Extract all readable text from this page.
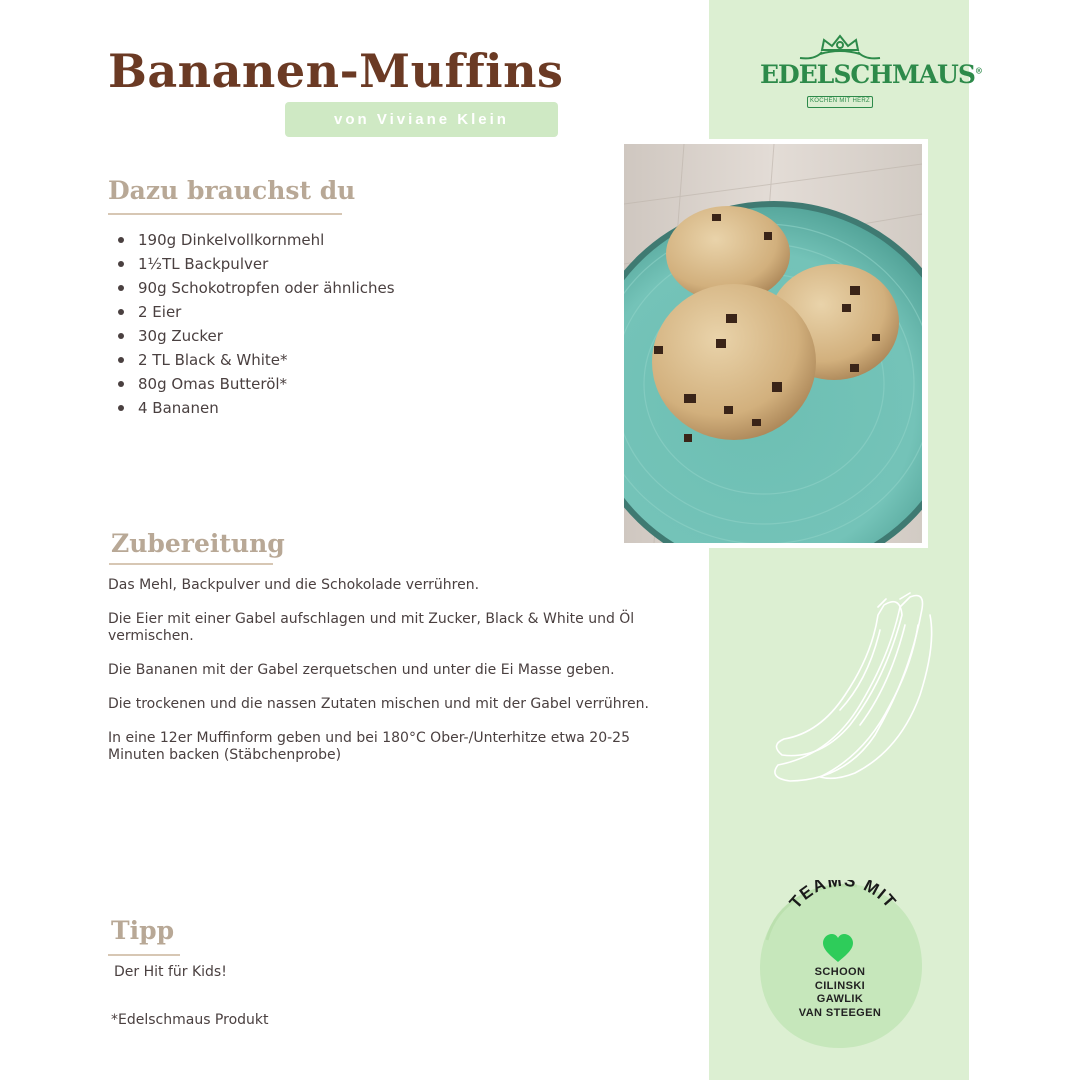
Bananen-Muffins
von Viviane Klein
EDELSCHMAUS®
KOCHEN MIT HERZ
Dazu brauchst du
190g Dinkelvollkornmehl
1½TL Backpulver
90g Schokotropfen oder ähnliches
2 Eier
30g Zucker
2 TL Black & White*
80g Omas Butteröl*
4 Bananen
Zubereitung

Das Mehl, Backpulver und die Schokolade verrühren.

Die Eier mit einer Gabel aufschlagen und mit Zucker, Black & White und Öl vermischen.

Die Bananen mit der Gabel zerquetschen und unter die Ei Masse geben.

Die trockenen und die nassen Zutaten mischen und mit der Gabel verrühren.

In eine 12er Muffinform geben und bei 180°C Ober-/Unterhitze etwa 20-25 Minuten backen (Stäbchenprobe)

Tipp
Der Hit für Kids!
*Edelschmaus Produkt
TEAMS MIT
SCHOON
CILINSKI
GAWLIK
VAN STEEGEN
